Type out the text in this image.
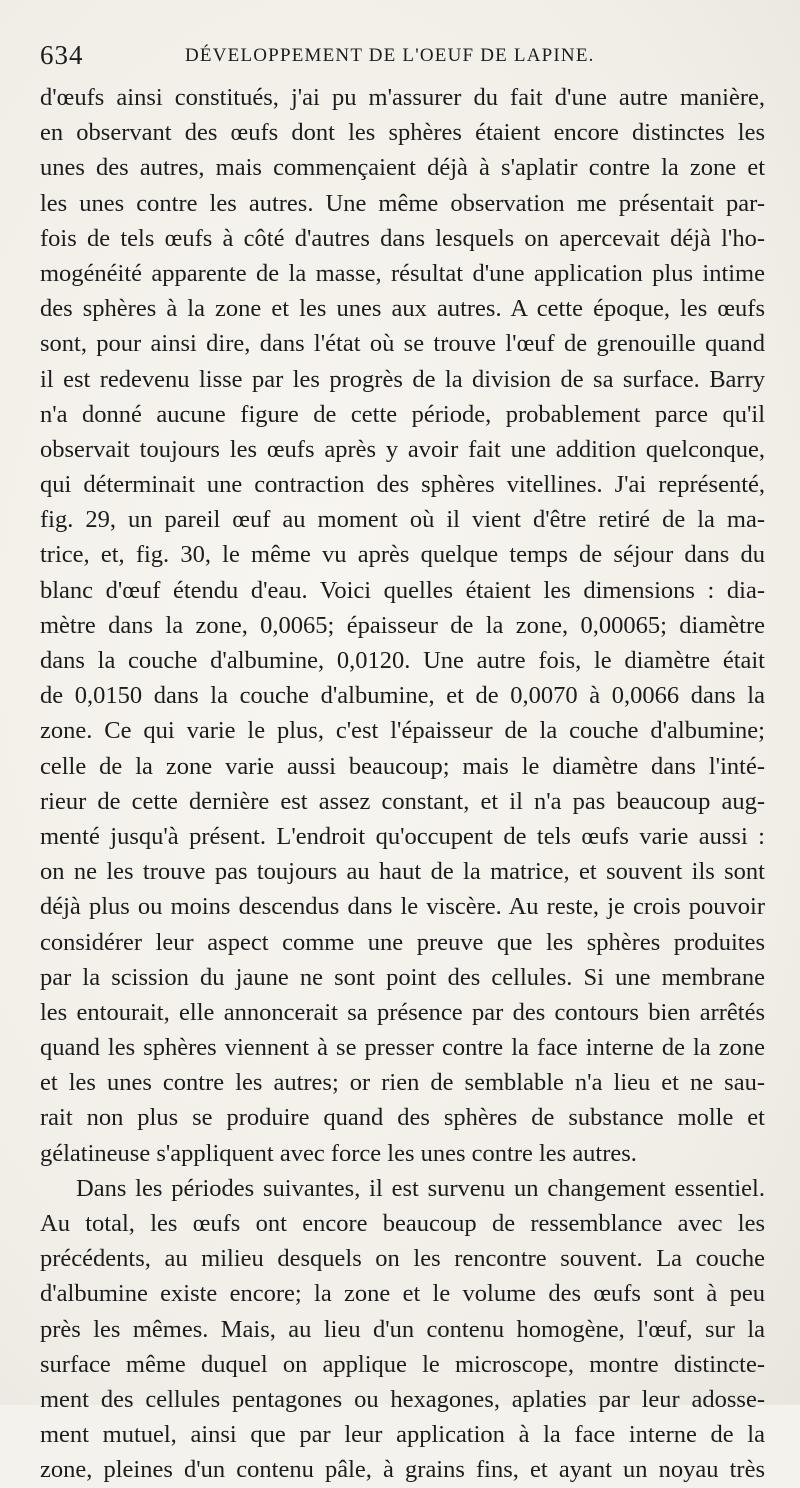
634	DÉVELOPPEMENT DE L'OEUF DE LAPINE.
d'œufs ainsi constitués, j'ai pu m'assurer du fait d'une autre manière,
en observant des œufs dont les sphères étaient encore distinctes les
unes des autres, mais commençaient déjà à s'aplatir contre la zone et
les unes contre les autres. Une même observation me présentait par-
fois de tels œufs à côté d'autres dans lesquels on apercevait déjà l'ho-
mogénéité apparente de la masse, résultat d'une application plus intime
des sphères à la zone et les unes aux autres. A cette époque, les œufs
sont, pour ainsi dire, dans l'état où se trouve l'œuf de grenouille quand
il est redevenu lisse par les progrès de la division de sa surface. Barry
n'a donné aucune figure de cette période, probablement parce qu'il
observait toujours les œufs après y avoir fait une addition quelconque,
qui déterminait une contraction des sphères vitellines. J'ai représenté,
fig. 29, un pareil œuf au moment où il vient d'être retiré de la ma-
trice, et, fig. 30, le même vu après quelque temps de séjour dans du
blanc d'œuf étendu d'eau. Voici quelles étaient les dimensions : dia-
mètre dans la zone, 0,0065; épaisseur de la zone, 0,00065; diamètre
dans la couche d'albumine, 0,0120. Une autre fois, le diamètre était
de 0,0150 dans la couche d'albumine, et de 0,0070 à 0,0066 dans la
zone. Ce qui varie le plus, c'est l'épaisseur de la couche d'albumine;
celle de la zone varie aussi beaucoup; mais le diamètre dans l'inté-
rieur de cette dernière est assez constant, et il n'a pas beaucoup aug-
menté jusqu'à présent. L'endroit qu'occupent de tels œufs varie aussi :
on ne les trouve pas toujours au haut de la matrice, et souvent ils sont
déjà plus ou moins descendus dans le viscère. Au reste, je crois pouvoir
considérer leur aspect comme une preuve que les sphères produites
par la scission du jaune ne sont point des cellules. Si une membrane
les entourait, elle annoncerait sa présence par des contours bien arrêtés
quand les sphères viennent à se presser contre la face interne de la zone
et les unes contre les autres; or rien de semblable n'a lieu et ne sau-
rait non plus se produire quand des sphères de substance molle et
gélatineuse s'appliquent avec force les unes contre les autres.
Dans les périodes suivantes, il est survenu un changement essentiel.
Au total, les œufs ont encore beaucoup de ressemblance avec les
précédents, au milieu desquels on les rencontre souvent. La couche
d'albumine existe encore; la zone et le volume des œufs sont à peu
près les mêmes. Mais, au lieu d'un contenu homogène, l'œuf, sur la
surface même duquel on applique le microscope, montre distincte-
ment des cellules pentagones ou hexagones, aplaties par leur adosse-
ment mutuel, ainsi que par leur application à la face interne de la
zone, pleines d'un contenu pâle, à grains fins, et ayant un noyau très
